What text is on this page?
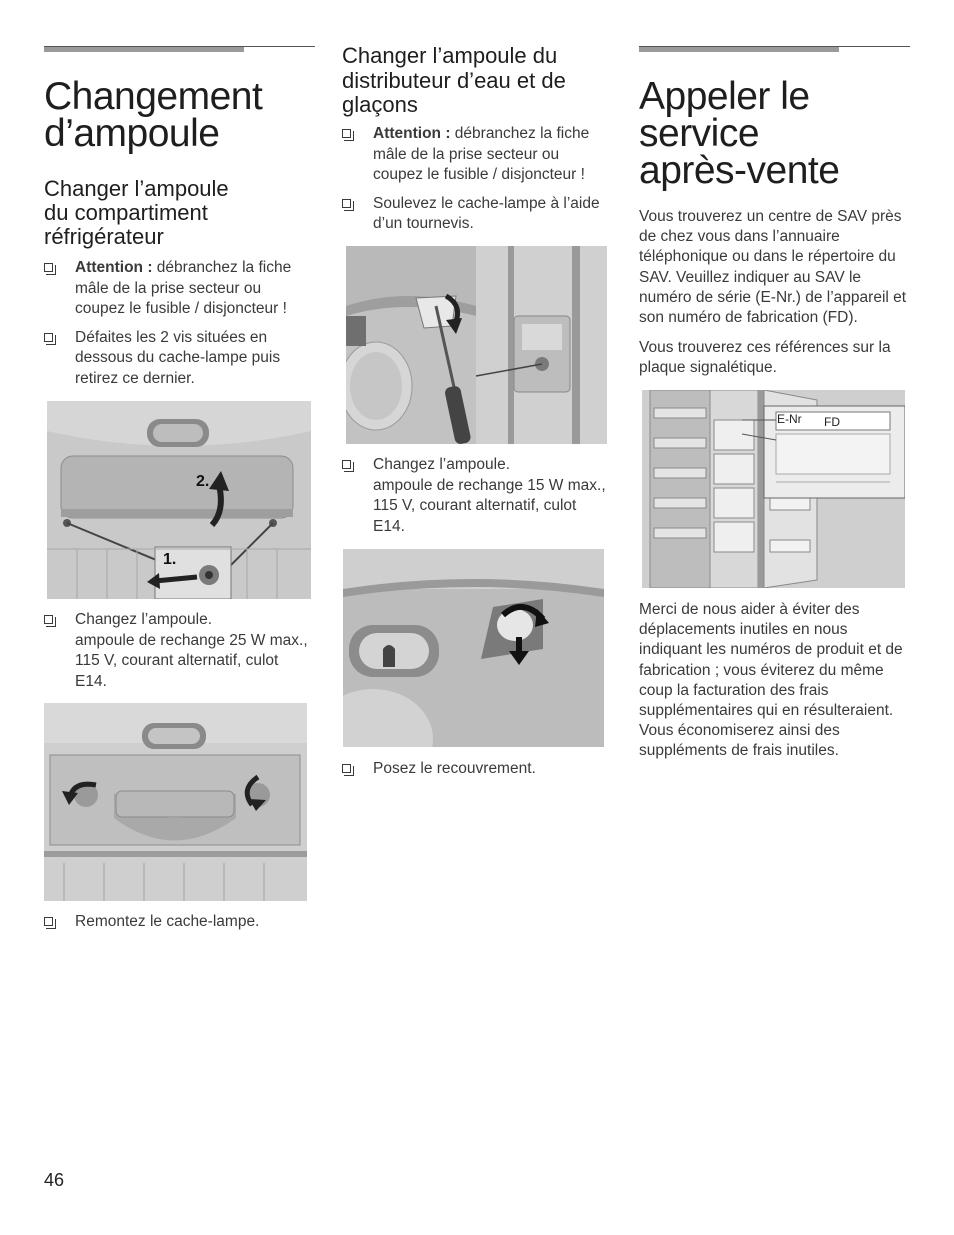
Changement
d’ampoule
Changer l’ampoule
du compartiment
réfrigérateur
Attention : débranchez la fiche mâle de la prise secteur ou coupez le fusible / disjoncteur !
Défaites les 2 vis situées en dessous du cache-lampe puis retirez ce dernier.
2.
1.
Changez l’ampoule.
ampoule de rechange 25 W max., 115 V, courant alternatif, culot E14.
Remontez le cache-lampe.
Changer l’ampoule du
distributeur d’eau et de
glaçons
Attention : débranchez la fiche mâle de la prise secteur ou coupez le fusible / disjoncteur !
Soulevez le cache-lampe à l’aide d’un tournevis.
Changez l’ampoule.
ampoule de rechange 15 W max., 115 V, courant alternatif, culot E14.
Posez le recouvrement.
Appeler le
service
après-vente

Vous trouverez un centre de SAV près de chez vous dans l’annuaire téléphonique ou dans le répertoire du SAV. Veuillez indiquer au SAV le numéro de série (E-Nr.) de l’appareil et son numéro de fabrication (FD).

Vous trouverez ces références sur la plaque signalétique.

E-Nr FD

Merci de nous aider à éviter des déplacements inutiles en nous indiquant les numéros de produit et de fabrication ; vous éviterez du même coup la facturation des frais supplémentaires qui en résulteraient. Vous économiserez ainsi des suppléments de frais inutiles.

46
